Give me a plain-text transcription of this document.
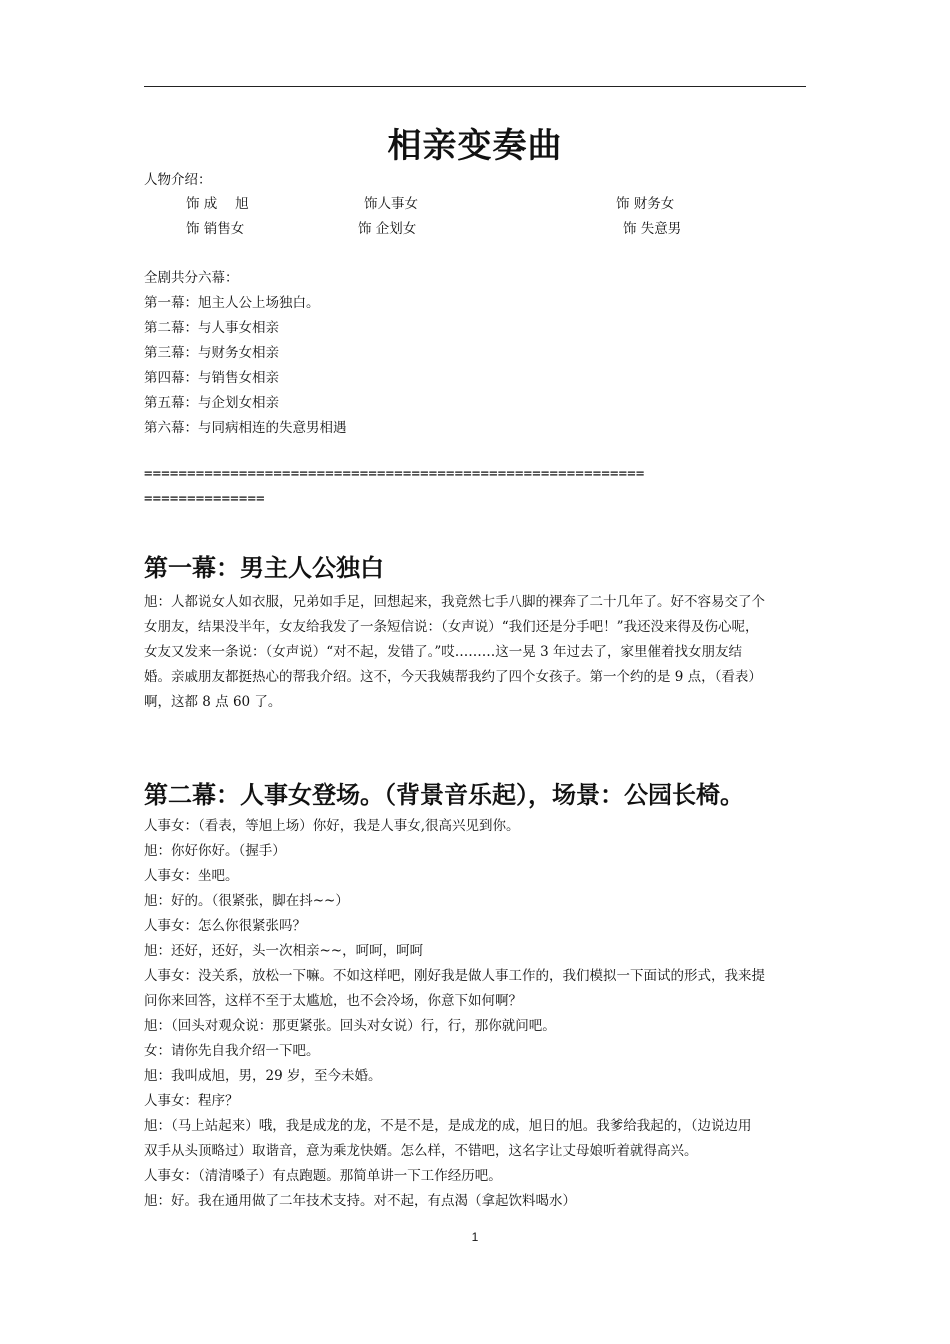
相亲变奏曲
人物介绍：
饰 成　 旭	饰人事女	饰 财务女
饰 销售女	饰 企划女	饰 失意男
全剧共分六幕：
第一幕：旭主人公上场独白。
第二幕：与人事女相亲
第三幕：与财务女相亲
第四幕：与销售女相亲
第五幕：与企划女相亲
第六幕：与同病相连的失意男相遇
==========================================================
==============
第一幕：男主人公独白
旭：人都说女人如衣服，兄弟如手足，回想起来，我竟然七手八脚的裸奔了二十几年了。好不容易交了个
女朋友，结果没半年，女友给我发了一条短信说：（女声说）“我们还是分手吧！”我还没来得及伤心呢，
女友又发来一条说：（女声说）“对不起，发错了。”哎………这一晃 3 年过去了，家里催着找女朋友结
婚。亲戚朋友都挺热心的帮我介绍。这不，今天我姨帮我约了四个女孩子。第一个约的是 9 点，（看表）
啊，这都 8 点 60 了。
第二幕：人事女登场。（背景音乐起），场景：公园长椅。
人事女：（看表，等旭上场）你好，我是人事女,很高兴见到你。
旭：你好你好。（握手）
人事女：坐吧。
旭：好的。（很紧张，脚在抖~~）
人事女：怎么你很紧张吗？
旭：还好，还好，头一次相亲~~，呵呵，呵呵
人事女：没关系，放松一下嘛。不如这样吧，刚好我是做人事工作的，我们模拟一下面试的形式，我来提
问你来回答，这样不至于太尴尬，也不会冷场，你意下如何啊？
旭：（回头对观众说：那更紧张。回头对女说）行，行，那你就问吧。
女：请你先自我介绍一下吧。
旭：我叫成旭，男，29 岁，至今未婚。
人事女：程序？
旭：（马上站起来）哦，我是成龙的龙，不是不是，是成龙的成，旭日的旭。我爹给我起的，（边说边用
双手从头顶略过）取谐音，意为乘龙快婿。怎么样，不错吧，这名字让丈母娘听着就得高兴。
人事女：（清清嗓子）有点跑题。那简单讲一下工作经历吧。
旭：好。我在通用做了二年技术支持。对不起，有点渴（拿起饮料喝水）
1
